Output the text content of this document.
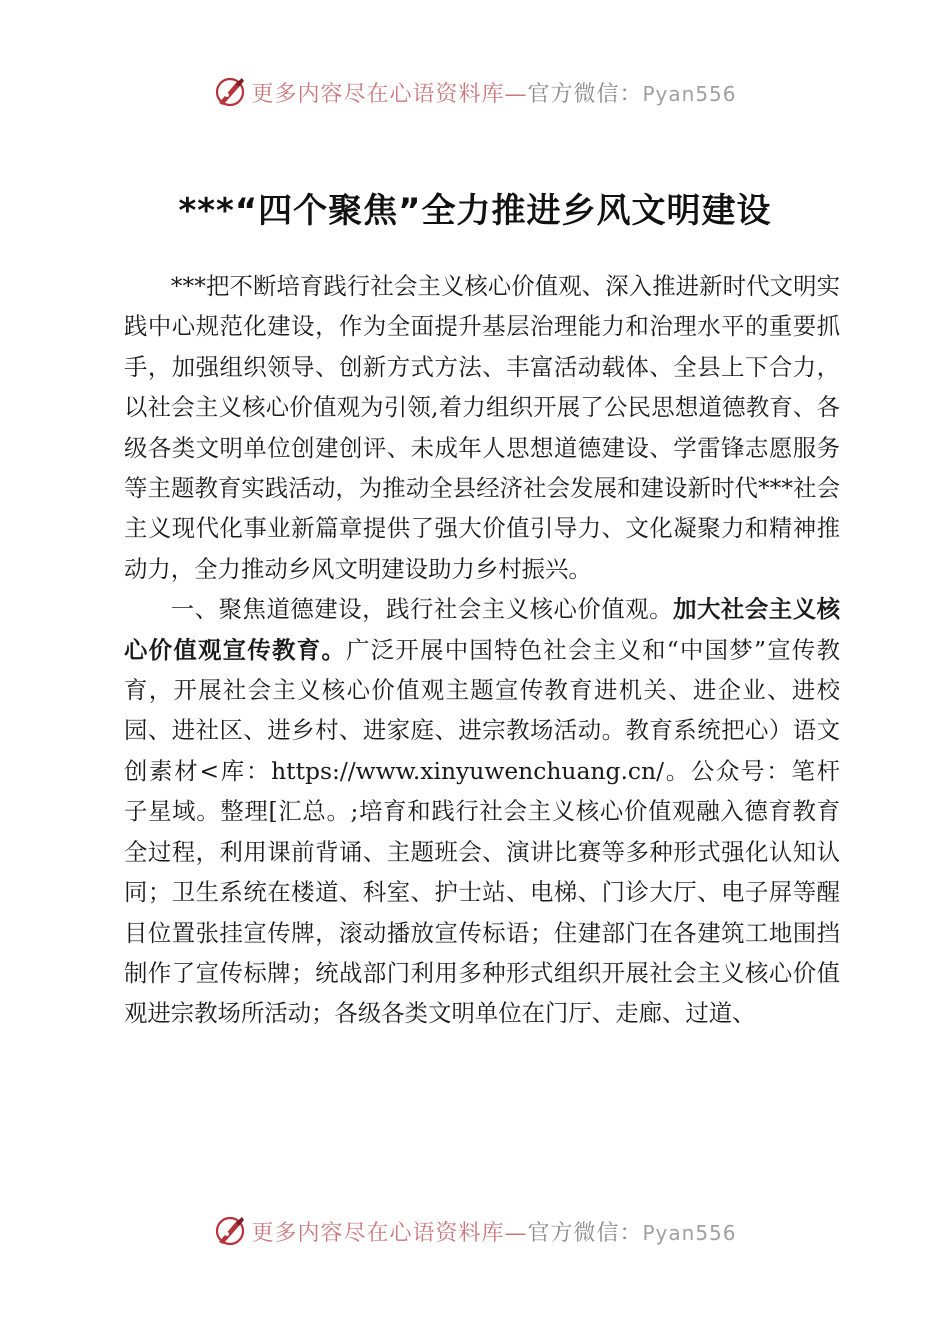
更多内容尽在心语资料库—官方微信：Pyan556
***“四个聚焦”全力推进乡风文明建设

***把不断培育践行社会主义核心价值观、深入推进新时代文明实践中心规范化建设，作为全面提升基层治理能力和治理水平的重要抓手，加强组织领导、创新方式方法、丰富活动载体、全县上下合力，以社会主义核心价值观为引领,着力组织开展了公民思想道德教育、各级各类文明单位创建创评、未成年人思想道德建设、学雷锋志愿服务等主题教育实践活动，为推动全县经济社会发展和建设新时代***社会主义现代化事业新篇章提供了强大价值引导力、文化凝聚力和精神推动力，全力推动乡风文明建设助力乡村振兴。

一、聚焦道德建设，践行社会主义核心价值观。加大社会主义核心价值观宣传教育。广泛开展中国特色社会主义和“中国梦”宣传教育，开展社会主义核心价值观主题宣传教育进机关、进企业、进校园、进社区、进乡村、进家庭、进宗教场活动。教育系统把心）语文创素材<库：https://www.xinyuwenchuang.cn/。公众号：笔杆子星域。整理[汇总。;培育和践行社会主义核心价值观融入德育教育全过程，利用课前背诵、主题班会、演讲比赛等多种形式强化认知认同；卫生系统在楼道、科室、护士站、电梯、门诊大厅、电子屏等醒目位置张挂宣传牌，滚动播放宣传标语；住建部门在各建筑工地围挡制作了宣传标牌；统战部门利用多种形式组织开展社会主义核心价值观进宗教场所活动；各级各类文明单位在门厅、走廊、过道、

更多内容尽在心语资料库—官方微信：Pyan556
